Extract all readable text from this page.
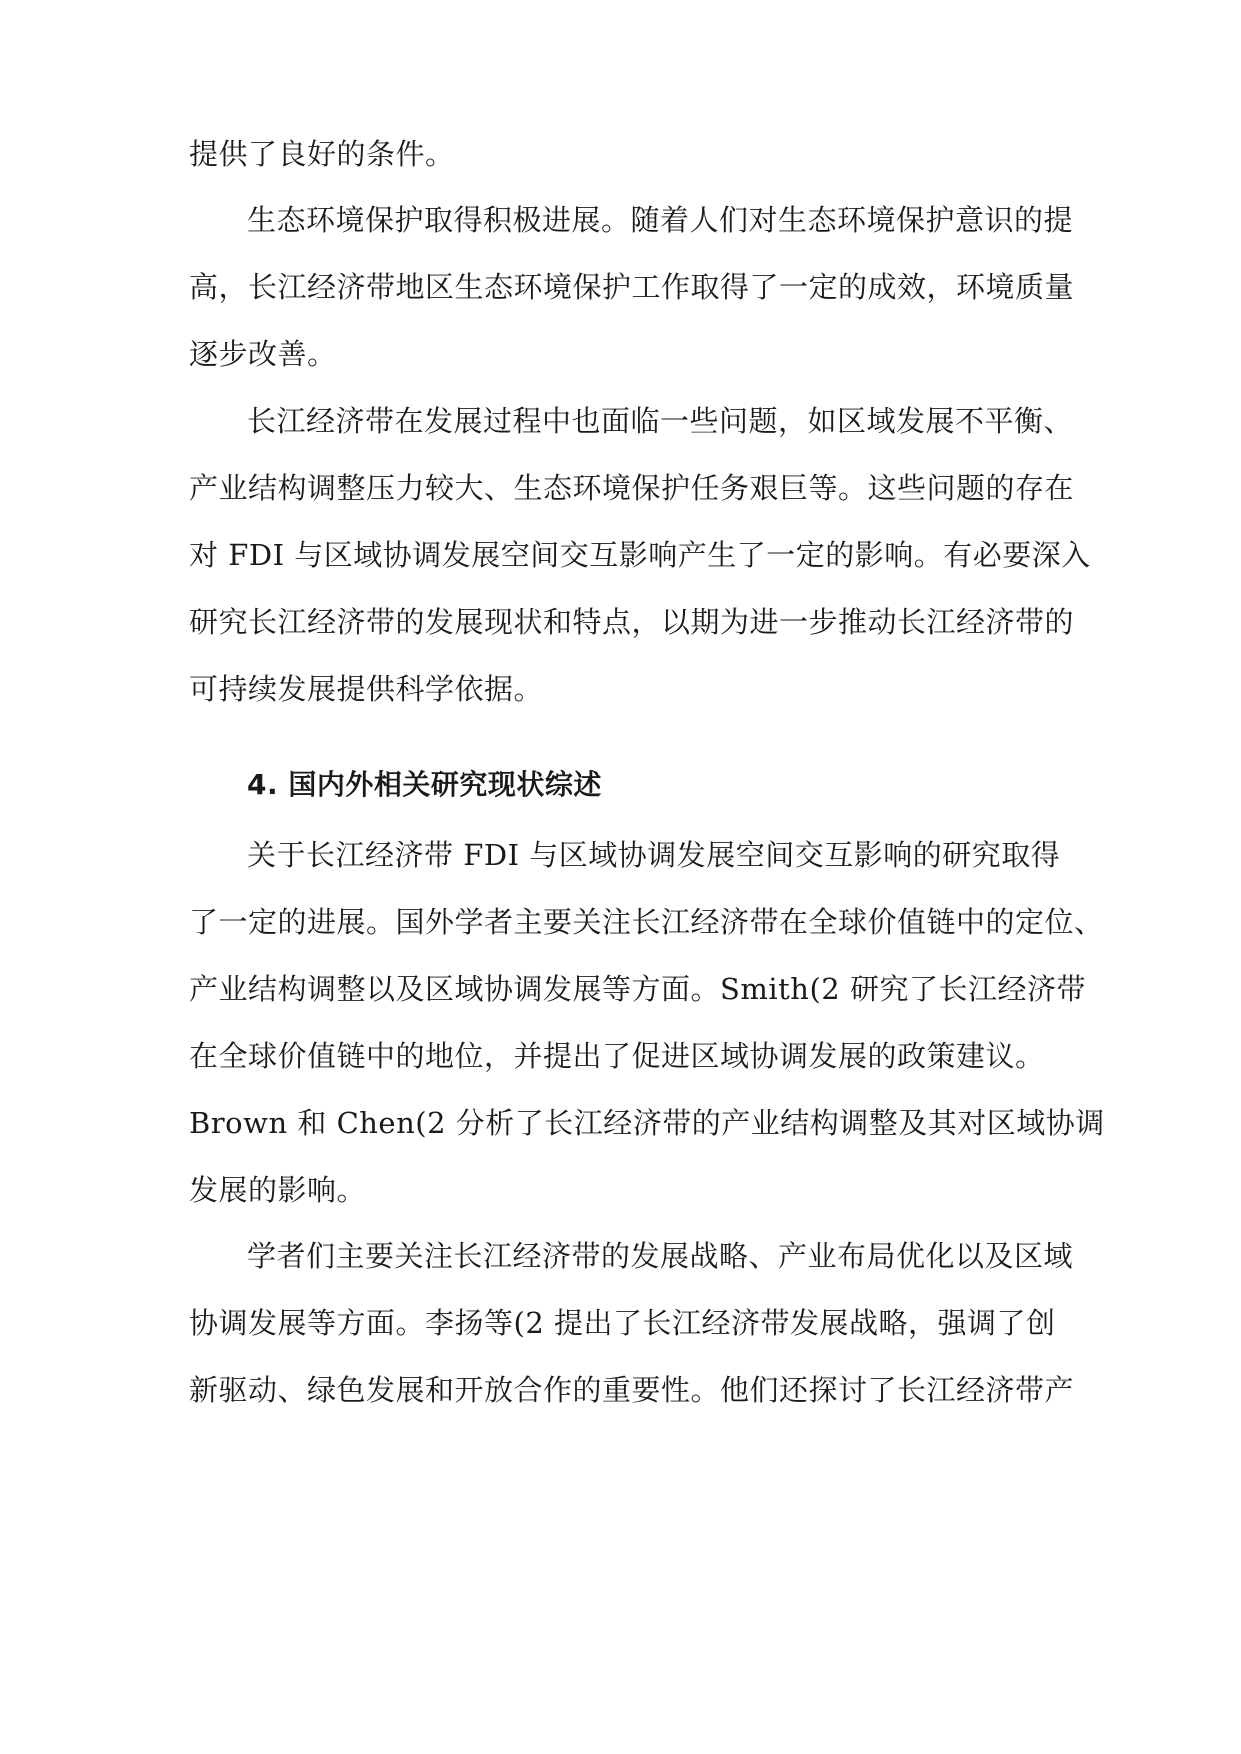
提供了良好的条件。
生态环境保护取得积极进展。随着人们对生态环境保护意识的提
高，长江经济带地区生态环境保护工作取得了一定的成效，环境质量
逐步改善。
长江经济带在发展过程中也面临一些问题，如区域发展不平衡、
产业结构调整压力较大、生态环境保护任务艰巨等。这些问题的存在
对 FDI 与区域协调发展空间交互影响产生了一定的影响。有必要深入
研究长江经济带的发展现状和特点，以期为进一步推动长江经济带的
可持续发展提供科学依据。
4. 国内外相关研究现状综述
关于长江经济带 FDI 与区域协调发展空间交互影响的研究取得
了一定的进展。国外学者主要关注长江经济带在全球价值链中的定位、
产业结构调整以及区域协调发展等方面。Smith(2 研究了长江经济带
在全球价值链中的地位，并提出了促进区域协调发展的政策建议。
Brown 和 Chen(2 分析了长江经济带的产业结构调整及其对区域协调
发展的影响。
学者们主要关注长江经济带的发展战略、产业布局优化以及区域
协调发展等方面。李扬等(2 提出了长江经济带发展战略，强调了创
新驱动、绿色发展和开放合作的重要性。他们还探讨了长江经济带产
